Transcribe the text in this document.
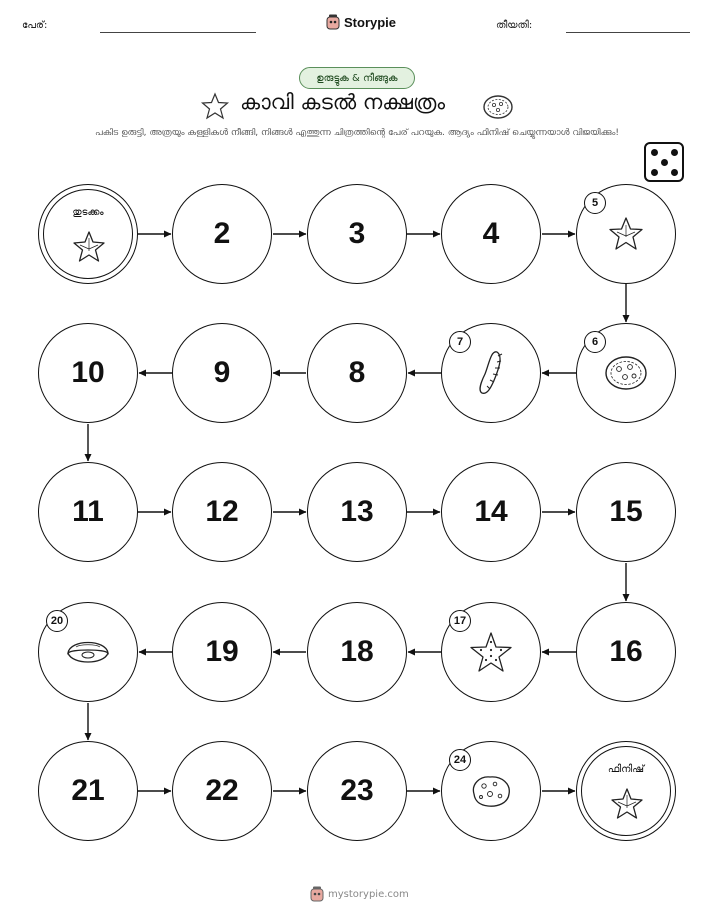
പേര്:	Storypie	തീയതി:
ഉരുട്ടുക & നീങ്ങുക
കാവി കടൽ നക്ഷത്രം
പകിട ഉരുട്ടി, അത്രയും കള്ളികൾ നീങ്ങി, നിങ്ങൾ എത്തുന്ന ചിത്രത്തിന്റെ പേര് പറയുക. ആദ്യം ഫിനിഷ് ചെയ്യുന്നയാൾ വിജയിക്കും!
തുടക്കം
2	3	4
5
10	9	8
7	6
11	12	13	14	15
20
19	18
17
16
21	22	23
24
ഫിനിഷ്
mystorypie.com
